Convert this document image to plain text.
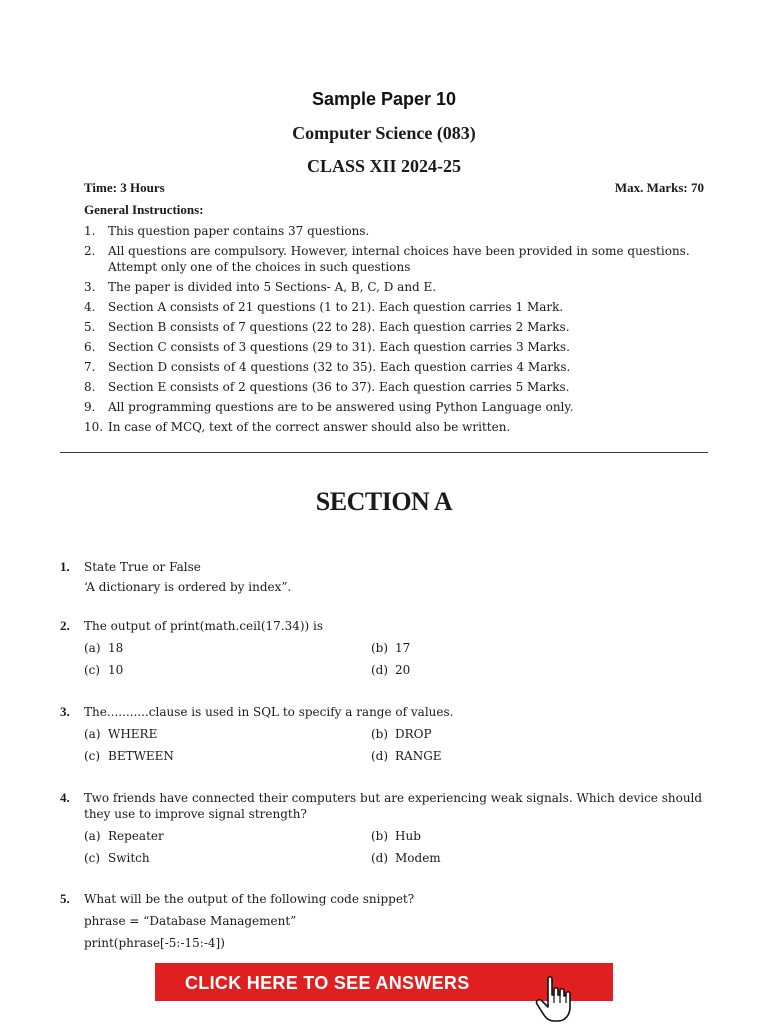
Sample Paper 10
Computer Science (083)
CLASS XII 2024-25
Time: 3 Hours	Max. Marks: 70
General Instructions:
1. This question paper contains 37 questions.
2. All questions are compulsory. However, internal choices have been provided in some questions. Attempt only one of the choices in such questions
3. The paper is divided into 5 Sections- A, B, C, D and E.
4. Section A consists of 21 questions (1 to 21). Each question carries 1 Mark.
5. Section B consists of 7 questions (22 to 28). Each question carries 2 Marks.
6. Section C consists of 3 questions (29 to 31). Each question carries 3 Marks.
7. Section D consists of 4 questions (32 to 35). Each question carries 4 Marks.
8. Section E consists of 2 questions (36 to 37). Each question carries 5 Marks.
9. All programming questions are to be answered using Python Language only.
10. In case of MCQ, text of the correct answer should also be written.
SECTION A
1. State True or False
‘A dictionary is ordered by index”.
2. The output of print(math.ceil(17.34)) is
(a) 18	(b) 17
(c) 10	(d) 20
3. The...........clause is used in SQL to specify a range of values.
(a) WHERE	(b) DROP
(c) BETWEEN	(d) RANGE
4. Two friends have connected their computers but are experiencing weak signals. Which device should they use to improve signal strength?
(a) Repeater	(b) Hub
(c) Switch	(d) Modem
5. What will be the output of the following code snippet?
phrase = “Database Management”
print(phrase[-5:-15:-4])
CLICK HERE TO SEE ANSWERS
